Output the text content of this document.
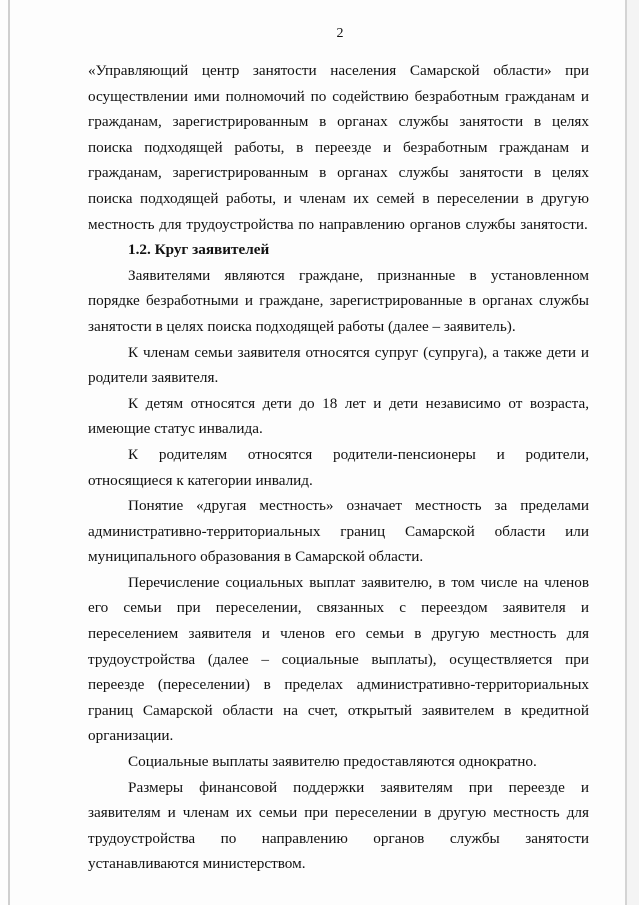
2

«Управляющий центр занятости населения Самарской области» при осуществлении ими полномочий по содействию безработным гражданам и гражданам, зарегистрированным в органах службы занятости в целях поиска подходящей работы, в переезде и безработным гражданам и гражданам, зарегистрированным в органах службы занятости в целях поиска подходящей работы, и членам их семей в переселении в другую местность для трудоустройства по направлению органов службы занятости.

1.2. Круг заявителей

Заявителями являются граждане, признанные в установленном порядке безработными и граждане, зарегистрированные в органах службы занятости в целях поиска подходящей работы (далее – заявитель).

К членам семьи заявителя относятся супруг (супруга), а также дети и родители заявителя.

К детям относятся дети до 18 лет и дети независимо от возраста, имеющие статус инвалида.

К родителям относятся родители-пенсионеры и родители, относящиеся к категории инвалид.

Понятие «другая местность» означает местность за пределами административно-территориальных границ Самарской области или муниципального образования в Самарской области.

Перечисление социальных выплат заявителю, в том числе на членов его семьи при переселении, связанных с переездом заявителя и переселением заявителя и членов его семьи в другую местность для трудоустройства (далее – социальные выплаты), осуществляется при переезде (переселении) в пределах административно-территориальных границ Самарской области на счет, открытый заявителем в кредитной организации.

Социальные выплаты заявителю предоставляются однократно.

Размеры финансовой поддержки заявителям при переезде и заявителям и членам их семьи при переселении в другую местность для трудоустройства по направлению органов службы занятости устанавливаются министерством.
